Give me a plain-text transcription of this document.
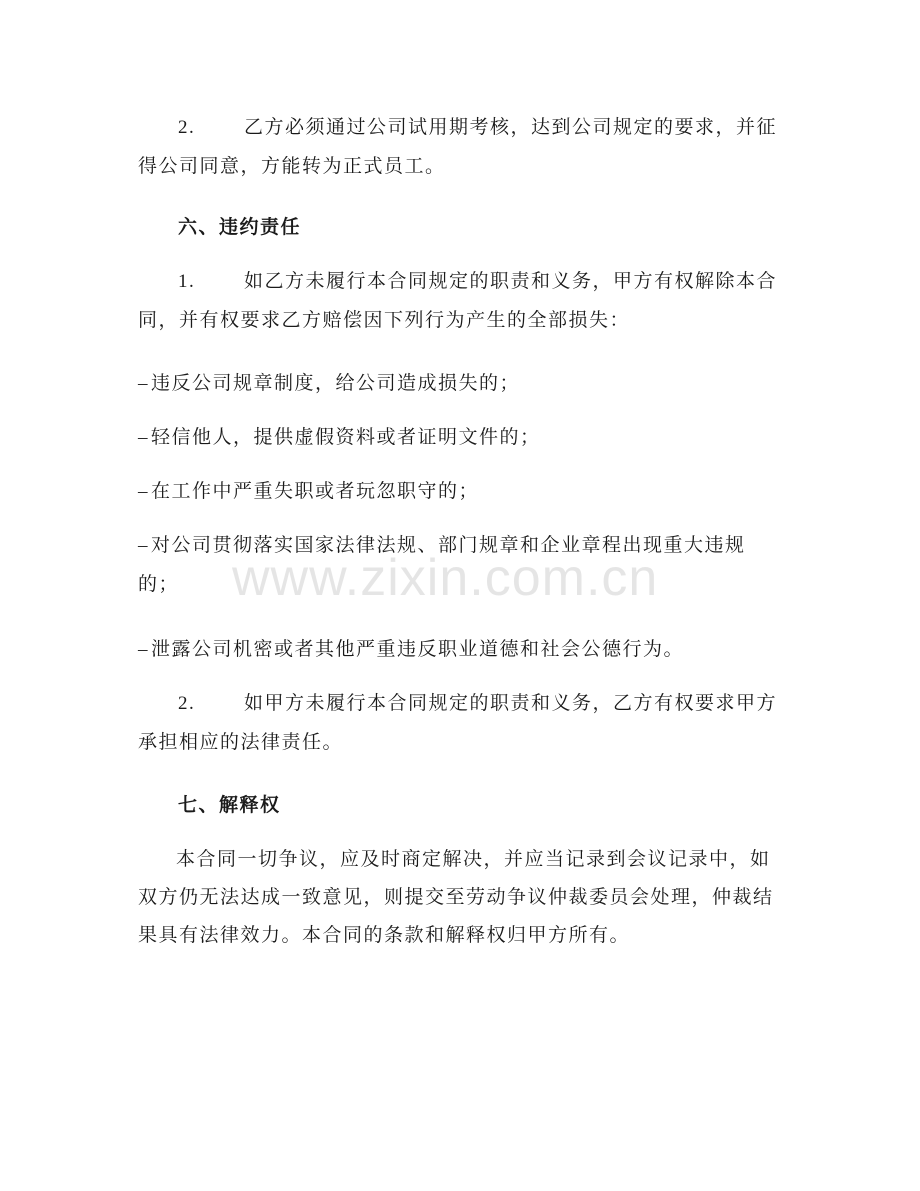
2.	乙方必须通过公司试用期考核，达到公司规定的要求，并征得公司同意，方能转为正式员工。

六、违约责任

1.	如乙方未履行本合同规定的职责和义务，甲方有权解除本合同，并有权要求乙方赔偿因下列行为产生的全部损失：

– 违反公司规章制度，给公司造成损失的；

– 轻信他人，提供虚假资料或者证明文件的；

– 在工作中严重失职或者玩忽职守的；

– 对公司贯彻落实国家法律法规、部门规章和企业章程出现重大违规的；

– 泄露公司机密或者其他严重违反职业道德和社会公德行为。

2.	如甲方未履行本合同规定的职责和义务，乙方有权要求甲方承担相应的法律责任。

七、解释权

本合同一切争议，应及时商定解决，并应当记录到会议记录中，如双方仍无法达成一致意见，则提交至劳动争议仲裁委员会处理，仲裁结果具有法律效力。本合同的条款和解释权归甲方所有。

www.zixin.com.cn
